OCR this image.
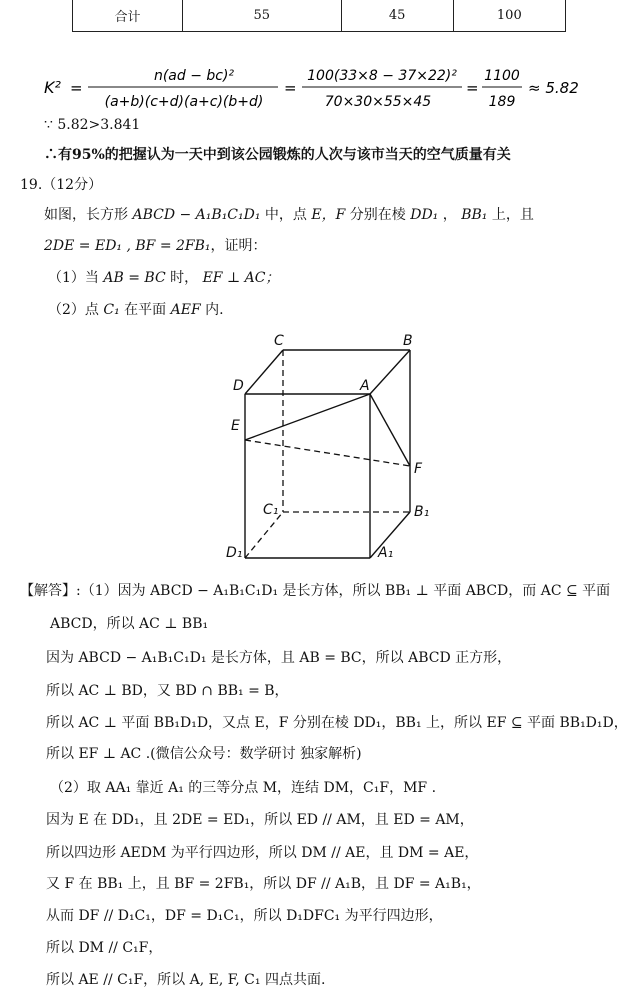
合计	55	45	100
K² =
n(ad − bc)²
(a+b)(c+d)(a+c)(b+d)
=
100(33×8 − 37×22)²
70×30×55×45
=
1100
189
≈ 5.82
∵ 5.82>3.841
∴有95%的把握认为一天中到该公园锻炼的人次与该市当天的空气质量有关
19.（12分）
如图，长方形 ABCD − A₁B₁C₁D₁ 中，点 E，F 分别在棱 DD₁ ， BB₁ 上，且
2DE = ED₁ , BF = 2FB₁，证明：
（1）当 AB = BC 时， EF ⊥ AC；
（2）点 C₁ 在平面 AEF 内.
C	B
D	A
E
F
C₁	B₁
D₁	A₁
【解答】:（1）因为 ABCD − A₁B₁C₁D₁ 是长方体，所以 BB₁ ⊥ 平面 ABCD，而 AC ⊆ 平面
ABCD，所以 AC ⊥ BB₁
因为 ABCD − A₁B₁C₁D₁ 是长方体，且 AB = BC，所以 ABCD 正方形，
所以 AC ⊥ BD，又 BD ∩ BB₁ = B，
所以 AC ⊥ 平面 BB₁D₁D，又点 E，F 分别在棱 DD₁，BB₁ 上，所以 EF ⊆ 平面 BB₁D₁D，
所以 EF ⊥ AC .(微信公众号：数学研讨 独家解析)
（2）取 AA₁ 靠近 A₁ 的三等分点 M，连结 DM，C₁F，MF .
因为 E 在 DD₁，且 2DE = ED₁，所以 ED // AM，且 ED = AM，
所以四边形 AEDM 为平行四边形，所以 DM // AE，且 DM = AE，
又 F 在 BB₁ 上，且 BF = 2FB₁，所以 DF // A₁B，且 DF = A₁B₁，
从而 DF // D₁C₁，DF = D₁C₁，所以 D₁DFC₁ 为平行四边形，
所以 DM // C₁F，
所以 AE // C₁F，所以 A, E, F, C₁ 四点共面.
